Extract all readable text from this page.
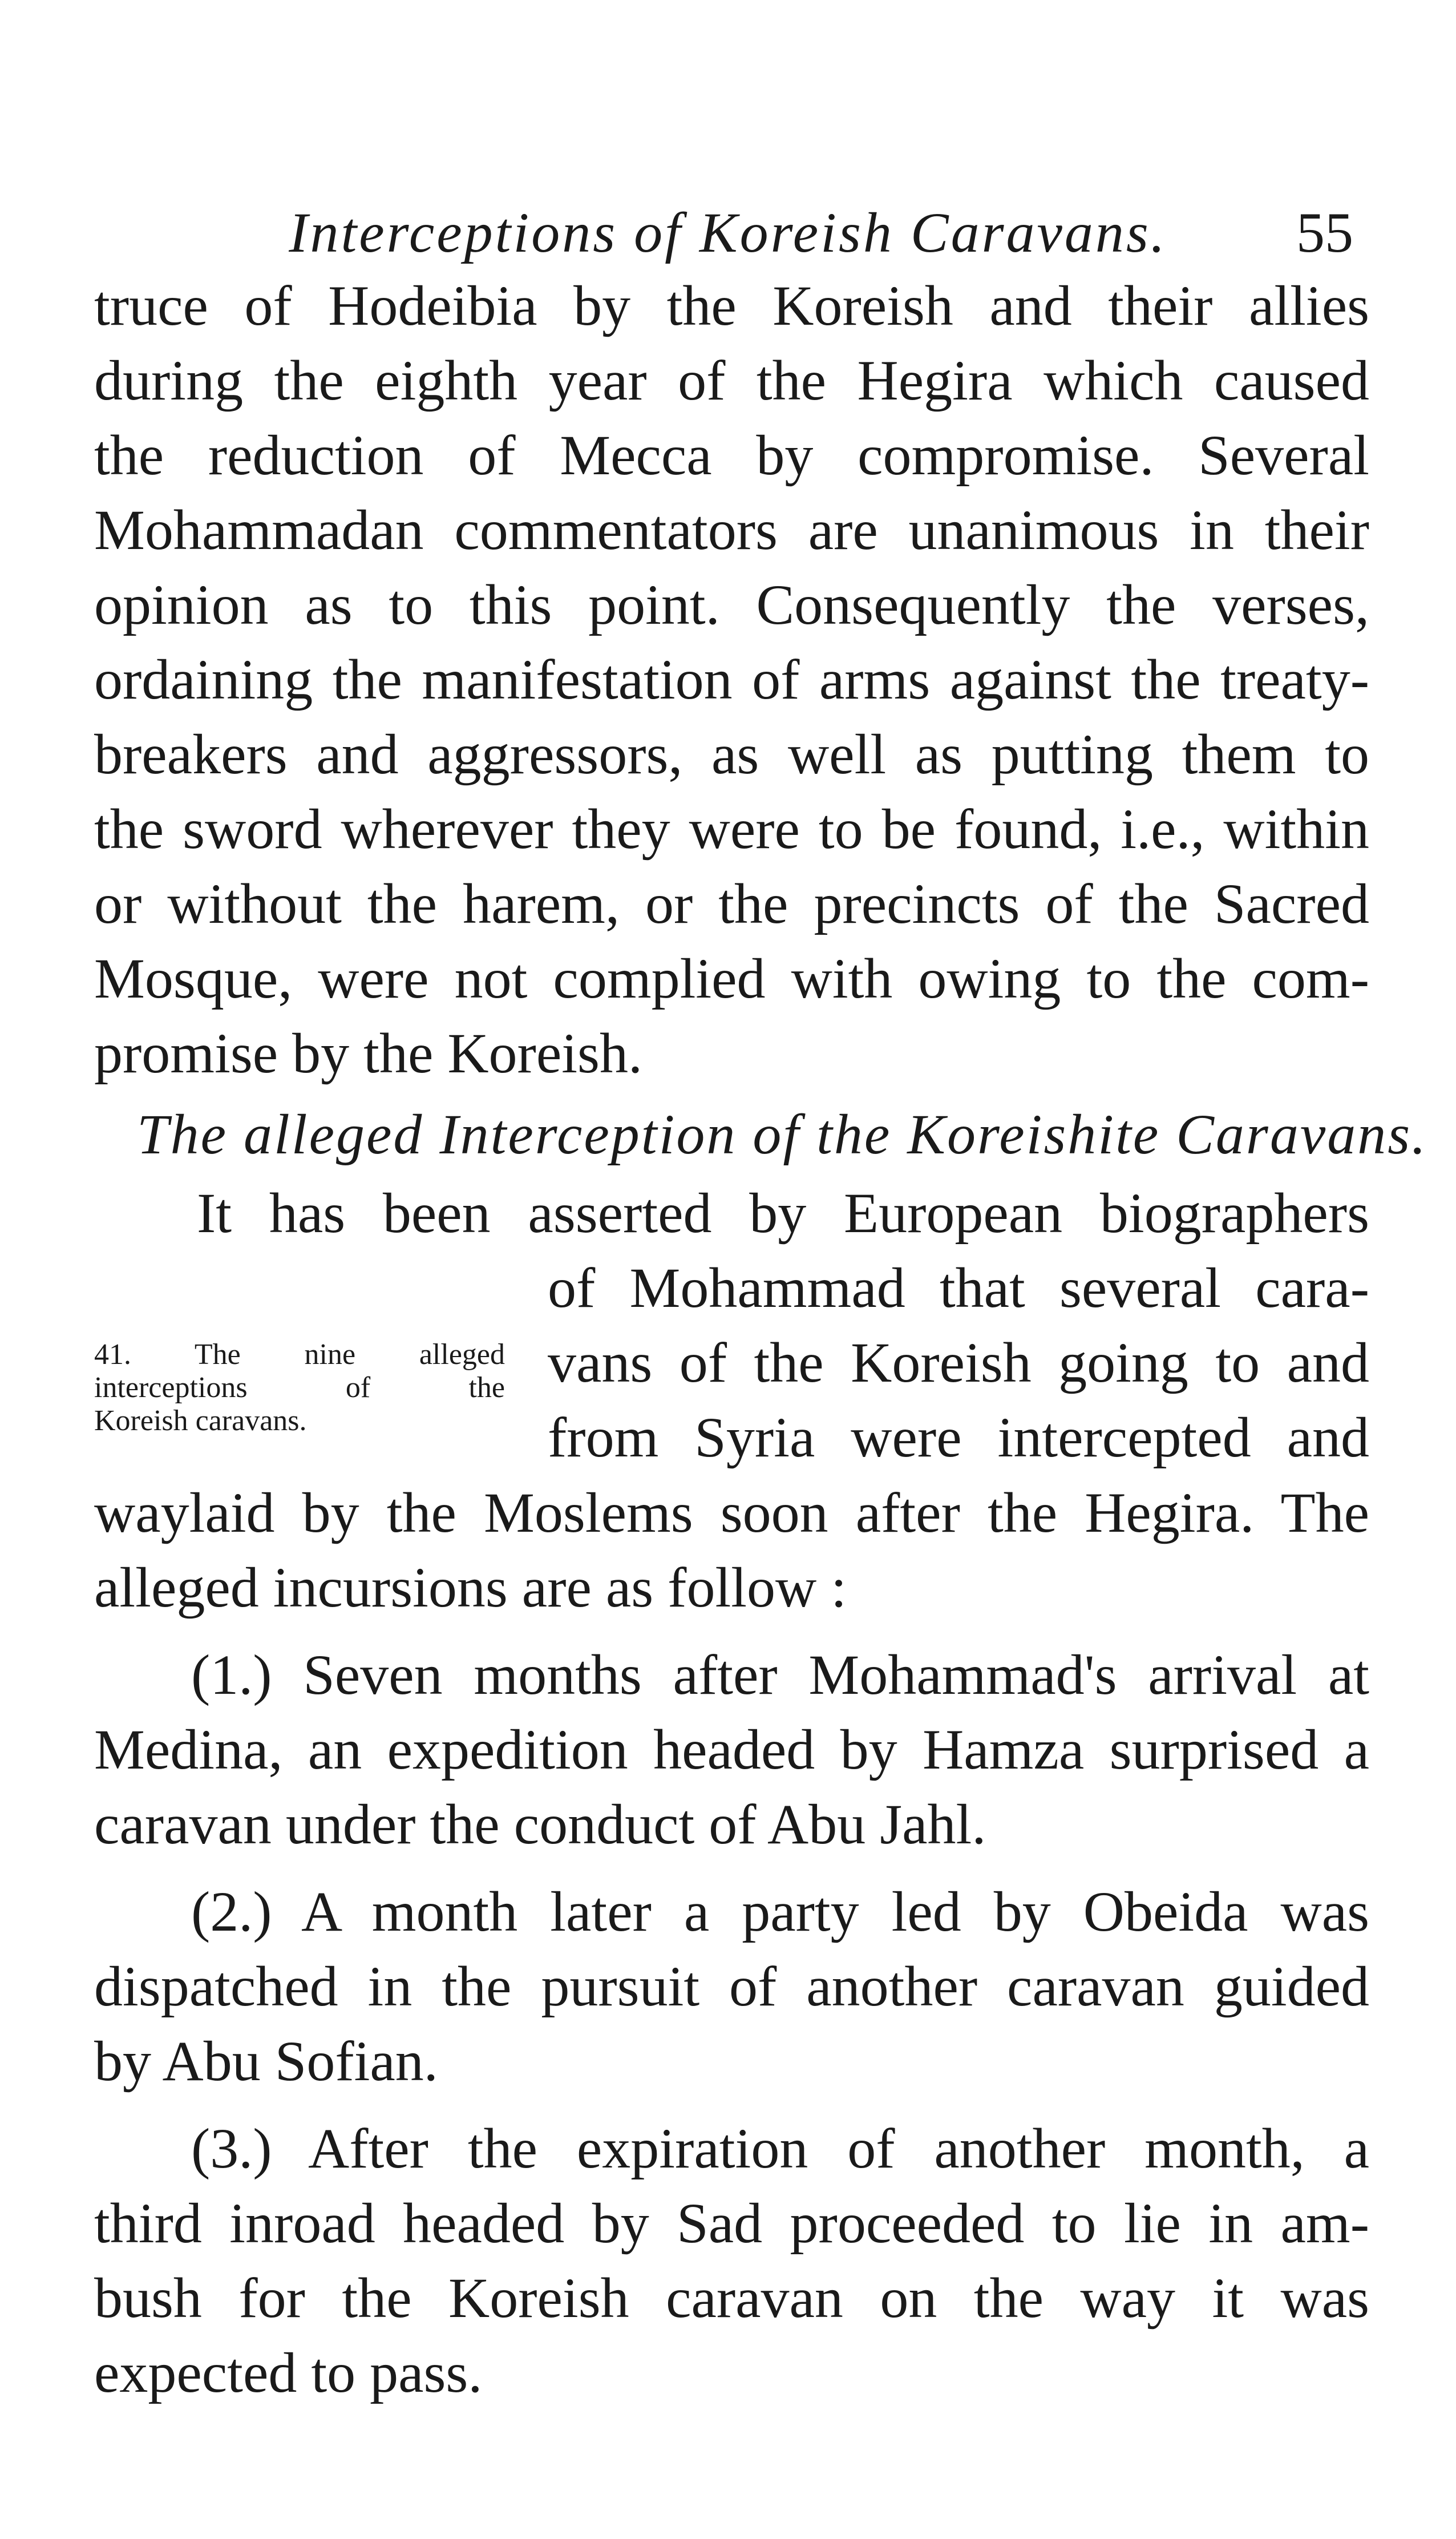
Interceptions of Koreish Caravans.	55
truce of Hodeibia by the Koreish and their allies
during the eighth year of the Hegira which caused
the reduction of Mecca by compromise. Several
Mohammadan commentators are unanimous in their
opinion as to this point. Consequently the verses,
ordaining the manifestation of arms against the treaty-
breakers and aggressors, as well as putting them to
the sword wherever they were to be found, i.e., within
or without the harem, or the precincts of the Sacred
Mosque, were not complied with owing to the com-
promise by the Koreish.
The alleged Interception of the Koreishite Caravans.
It has been asserted by European biographers
of Mohammad that several cara-
vans of the Koreish going to and
from Syria were intercepted and
41. The nine alleged
interceptions of the
Koreish caravans.
waylaid by the Moslems soon after the Hegira. The
alleged incursions are as follow :
(1.) Seven months after Mohammad's arrival at
Medina, an expedition headed by Hamza surprised a
caravan under the conduct of Abu Jahl.
(2.) A month later a party led by Obeida was
dispatched in the pursuit of another caravan guided
by Abu Sofian.
(3.) After the expiration of another month, a
third inroad headed by Sad proceeded to lie in am-
bush for the Koreish caravan on the way it was
expected to pass.
